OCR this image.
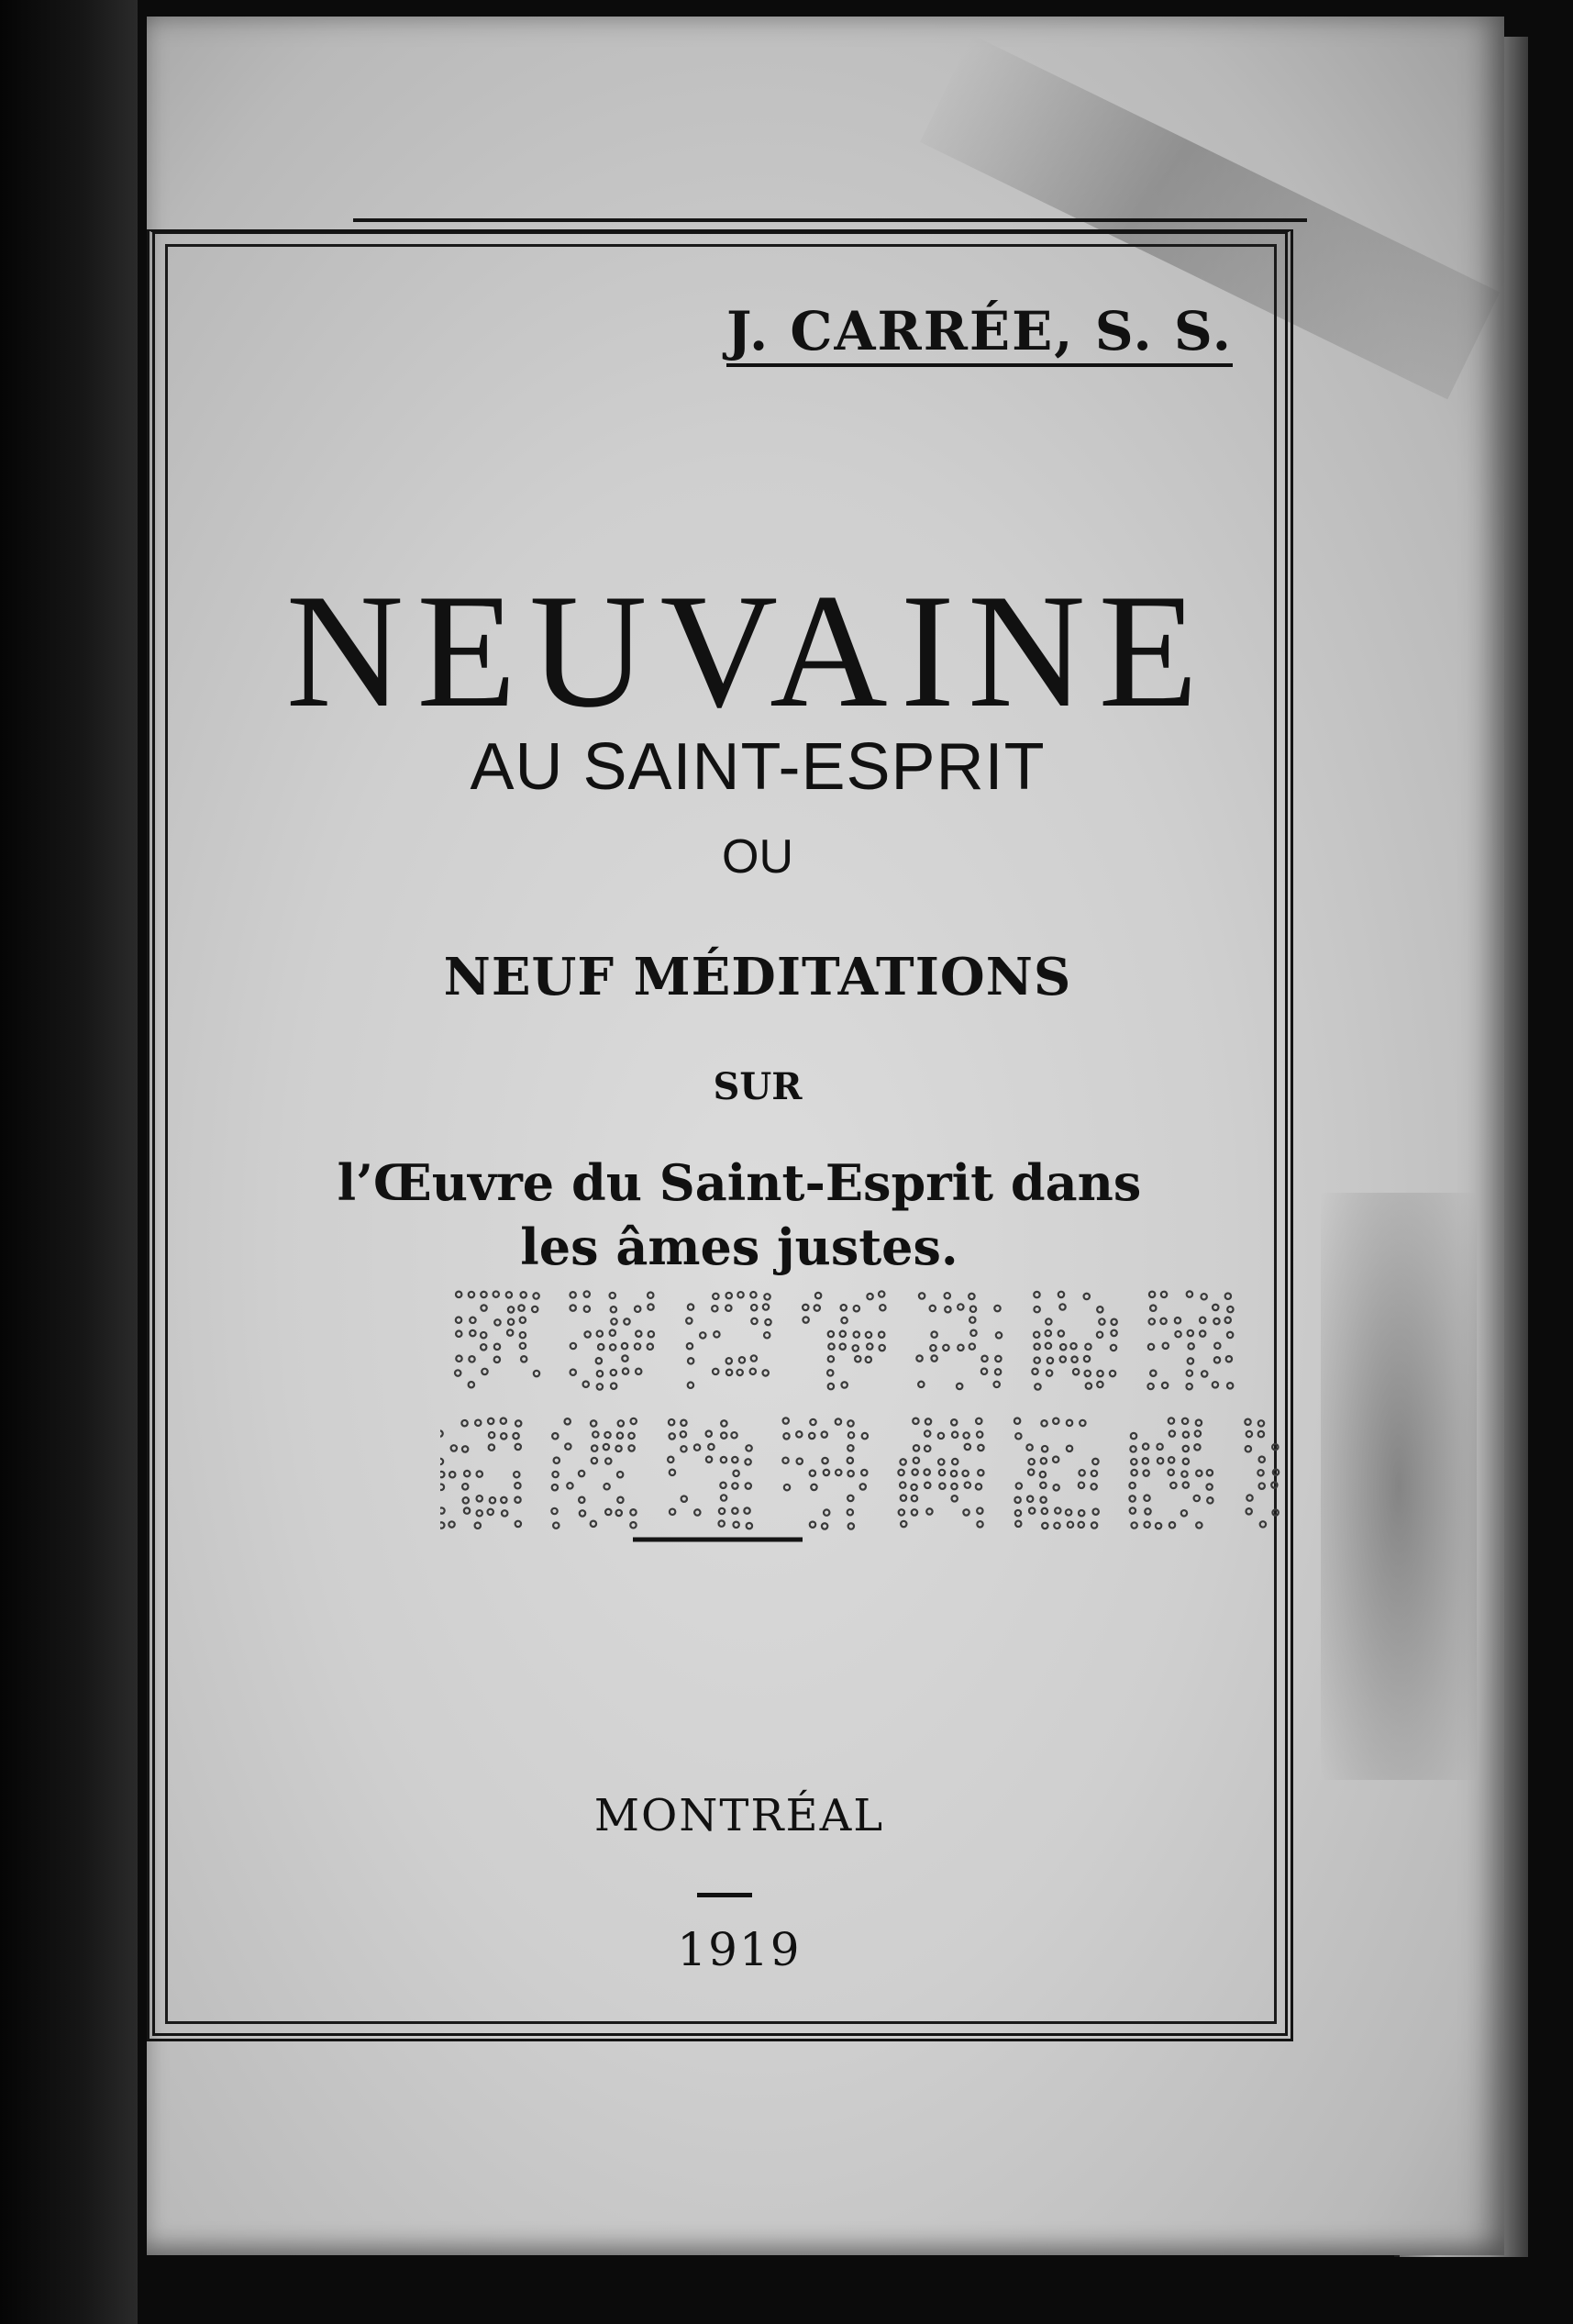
J. CARRÉE, S. S.

NEUVAINE

AU SAINT-ESPRIT

OU

NEUF MÉDITATIONS

SUR

l’Œuvre du Saint-Esprit dans

les âmes justes.

MONTRÉAL

1919
